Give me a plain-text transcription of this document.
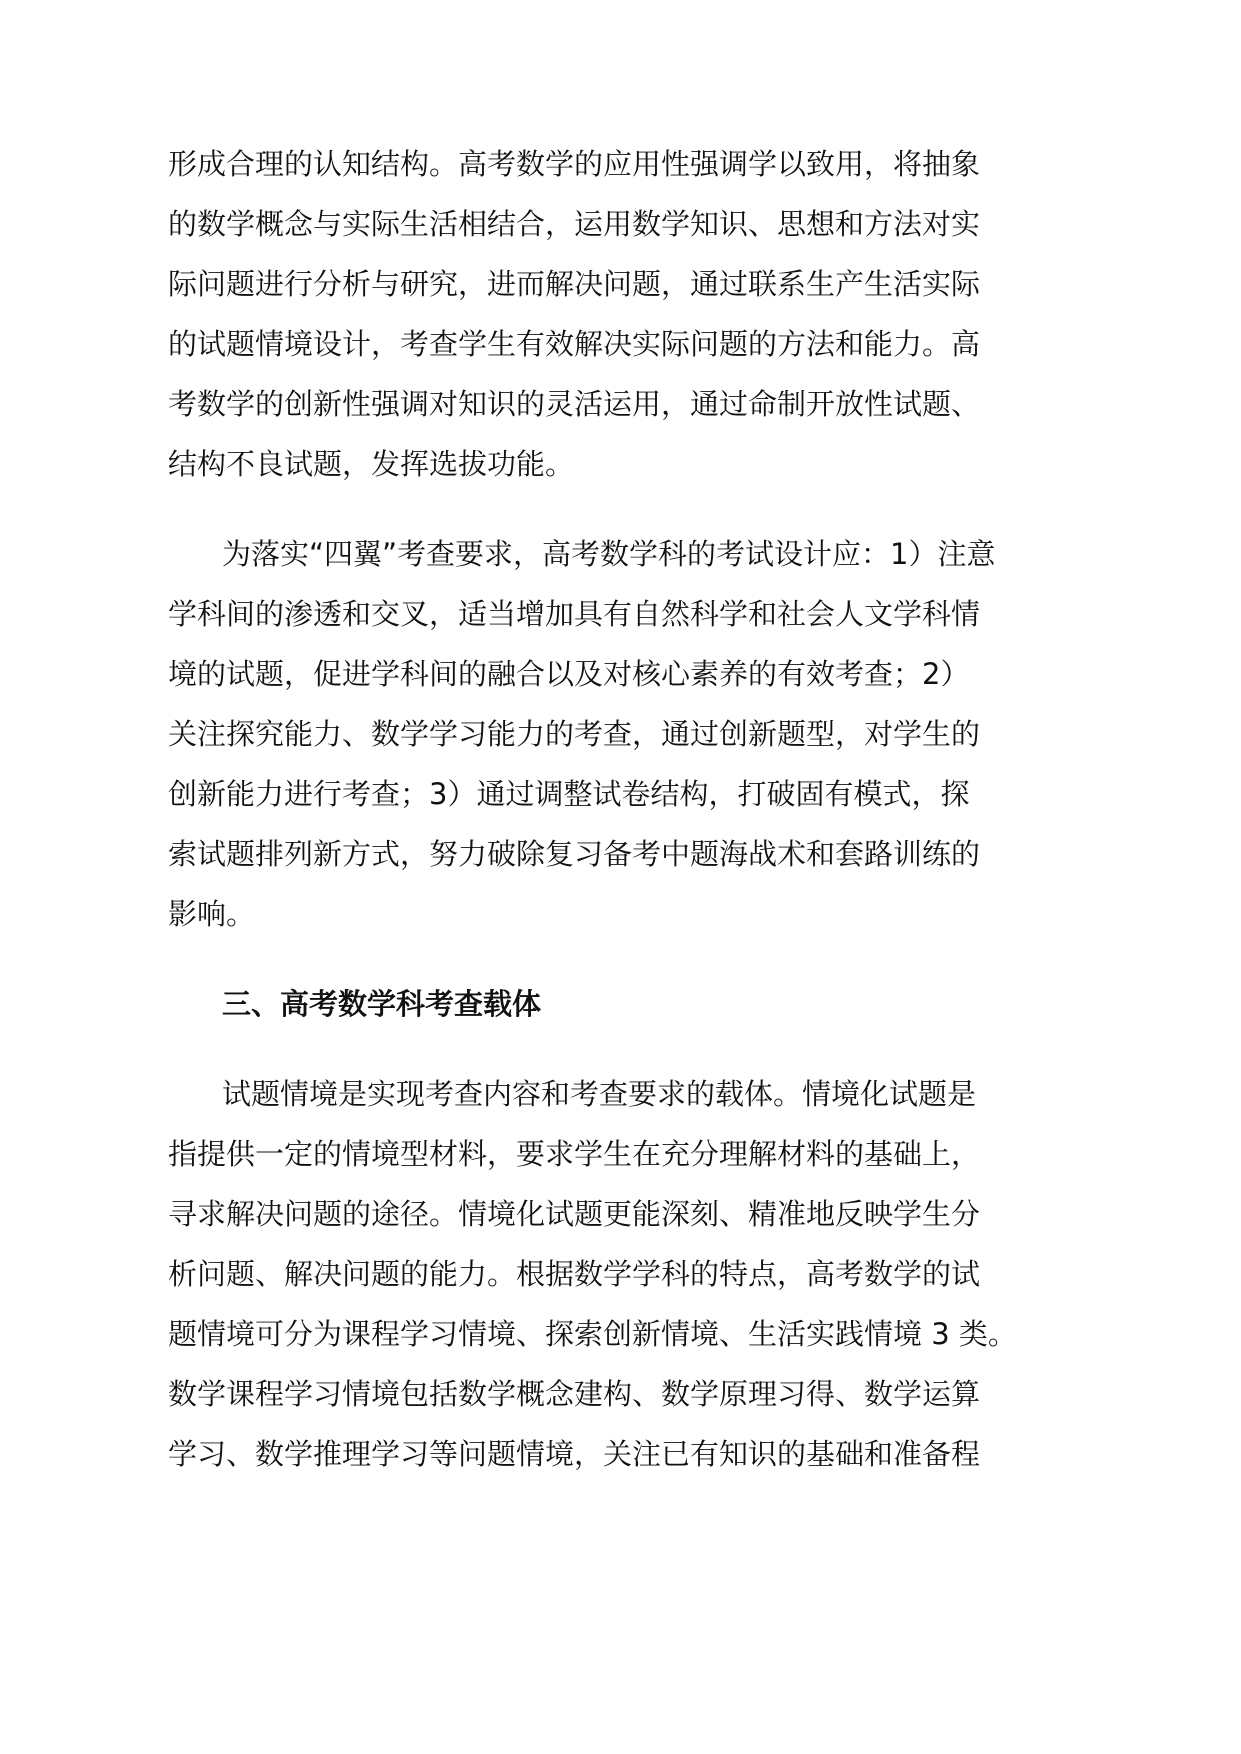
形成合理的认知结构。高考数学的应用性强调学以致用，将抽象
的数学概念与实际生活相结合，运用数学知识、思想和方法对实
际问题进行分析与研究，进而解决问题，通过联系生产生活实际
的试题情境设计，考查学生有效解决实际问题的方法和能力。高
考数学的创新性强调对知识的灵活运用，通过命制开放性试题、
结构不良试题，发挥选拔功能。
为落实“四翼”考查要求，高考数学科的考试设计应：1）注意
学科间的渗透和交叉，适当增加具有自然科学和社会人文学科情
境的试题，促进学科间的融合以及对核心素养的有效考查；2）
关注探究能力、数学学习能力的考查，通过创新题型，对学生的
创新能力进行考查；3）通过调整试卷结构，打破固有模式，探
索试题排列新方式，努力破除复习备考中题海战术和套路训练的
影响。
三、高考数学科考查载体
试题情境是实现考查内容和考查要求的载体。情境化试题是
指提供一定的情境型材料，要求学生在充分理解材料的基础上，
寻求解决问题的途径。情境化试题更能深刻、精准地反映学生分
析问题、解决问题的能力。根据数学学科的特点，高考数学的试
题情境可分为课程学习情境、探索创新情境、生活实践情境 3 类。
数学课程学习情境包括数学概念建构、数学原理习得、数学运算
学习、数学推理学习等问题情境，关注已有知识的基础和准备程
